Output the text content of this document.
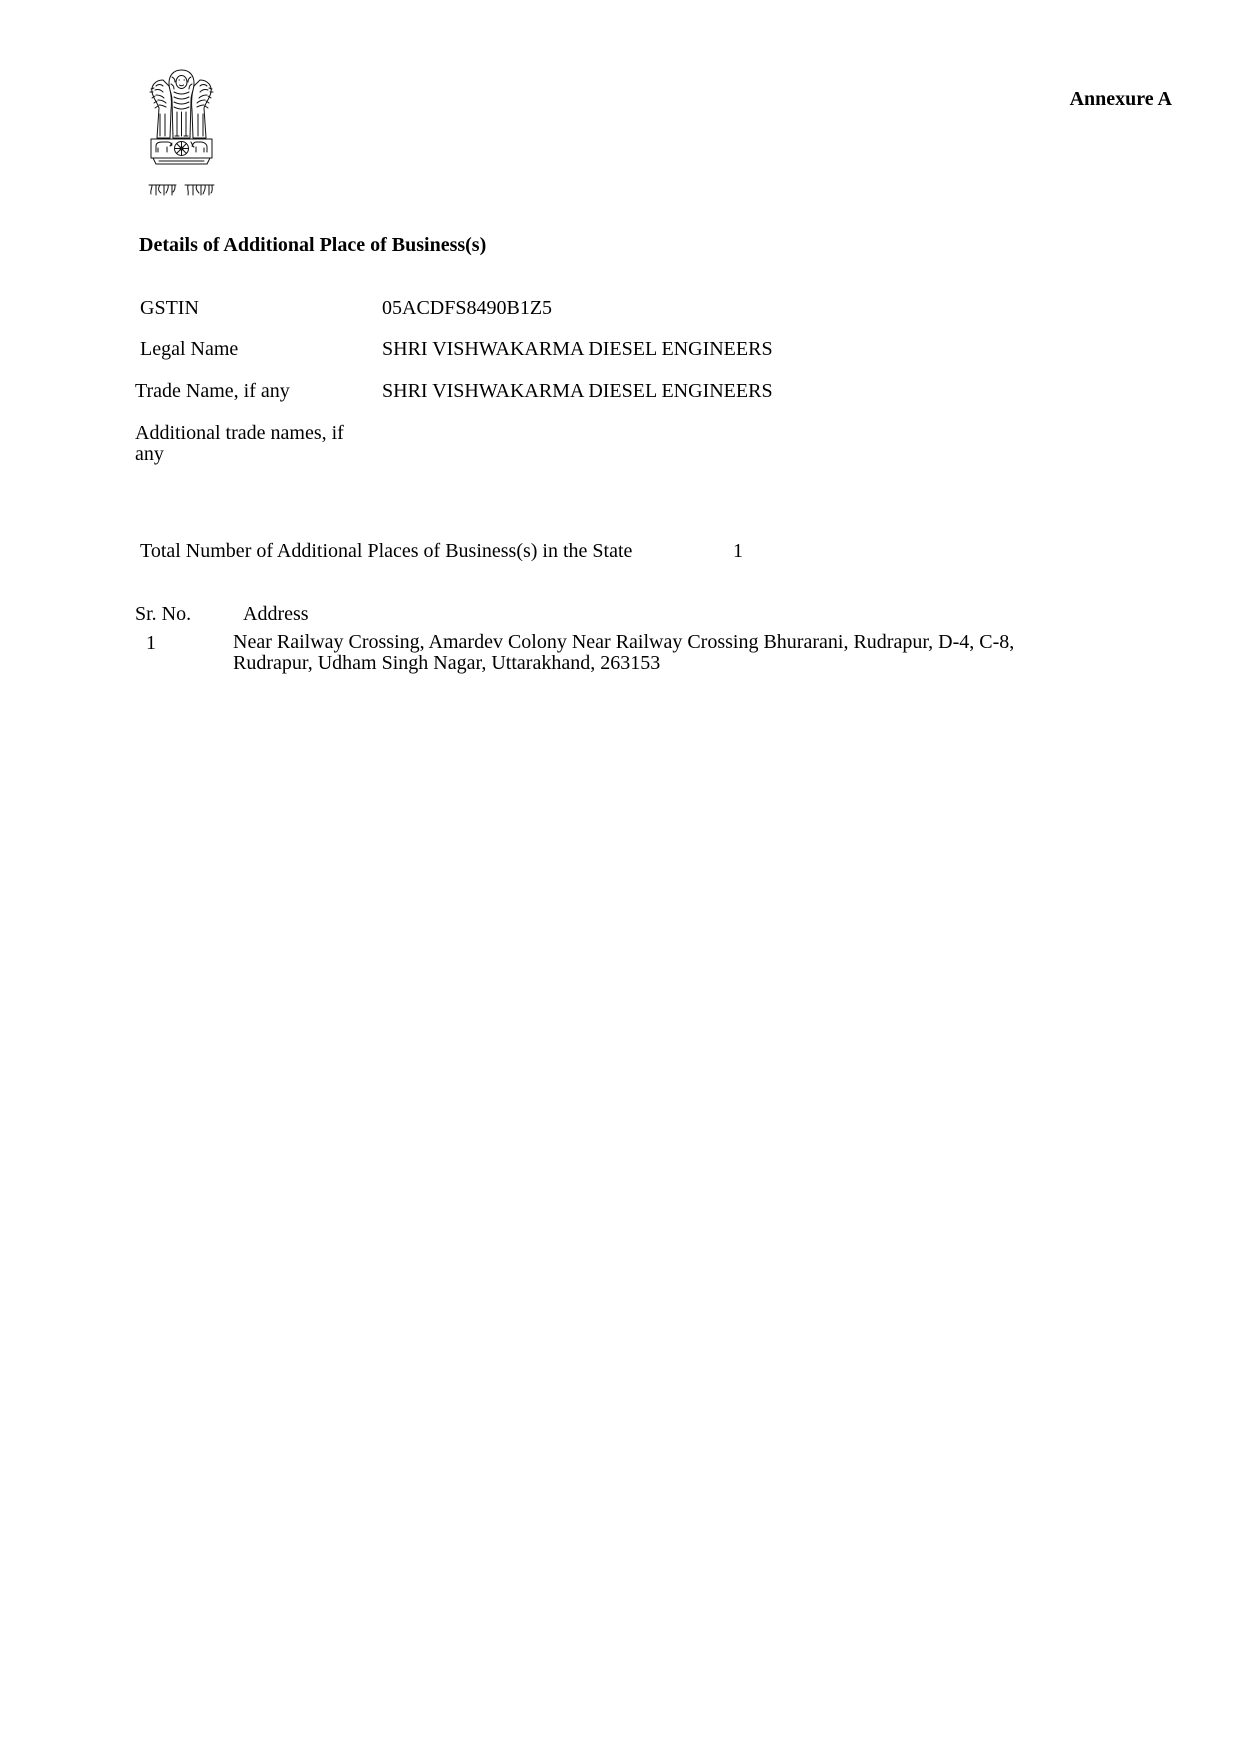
Annexure A
Details of Additional Place of Business(s)
GSTIN	05ACDFS8490B1Z5
Legal Name	SHRI VISHWAKARMA DIESEL ENGINEERS
Trade Name, if any	SHRI VISHWAKARMA DIESEL ENGINEERS
Additional trade names, if any
Total Number of Additional Places of Business(s) in the State	1
Sr. No.	Address
1	Near Railway Crossing, Amardev Colony Near Railway Crossing Bhurarani, Rudrapur, D-4, C-8, Rudrapur, Udham Singh Nagar, Uttarakhand, 263153
